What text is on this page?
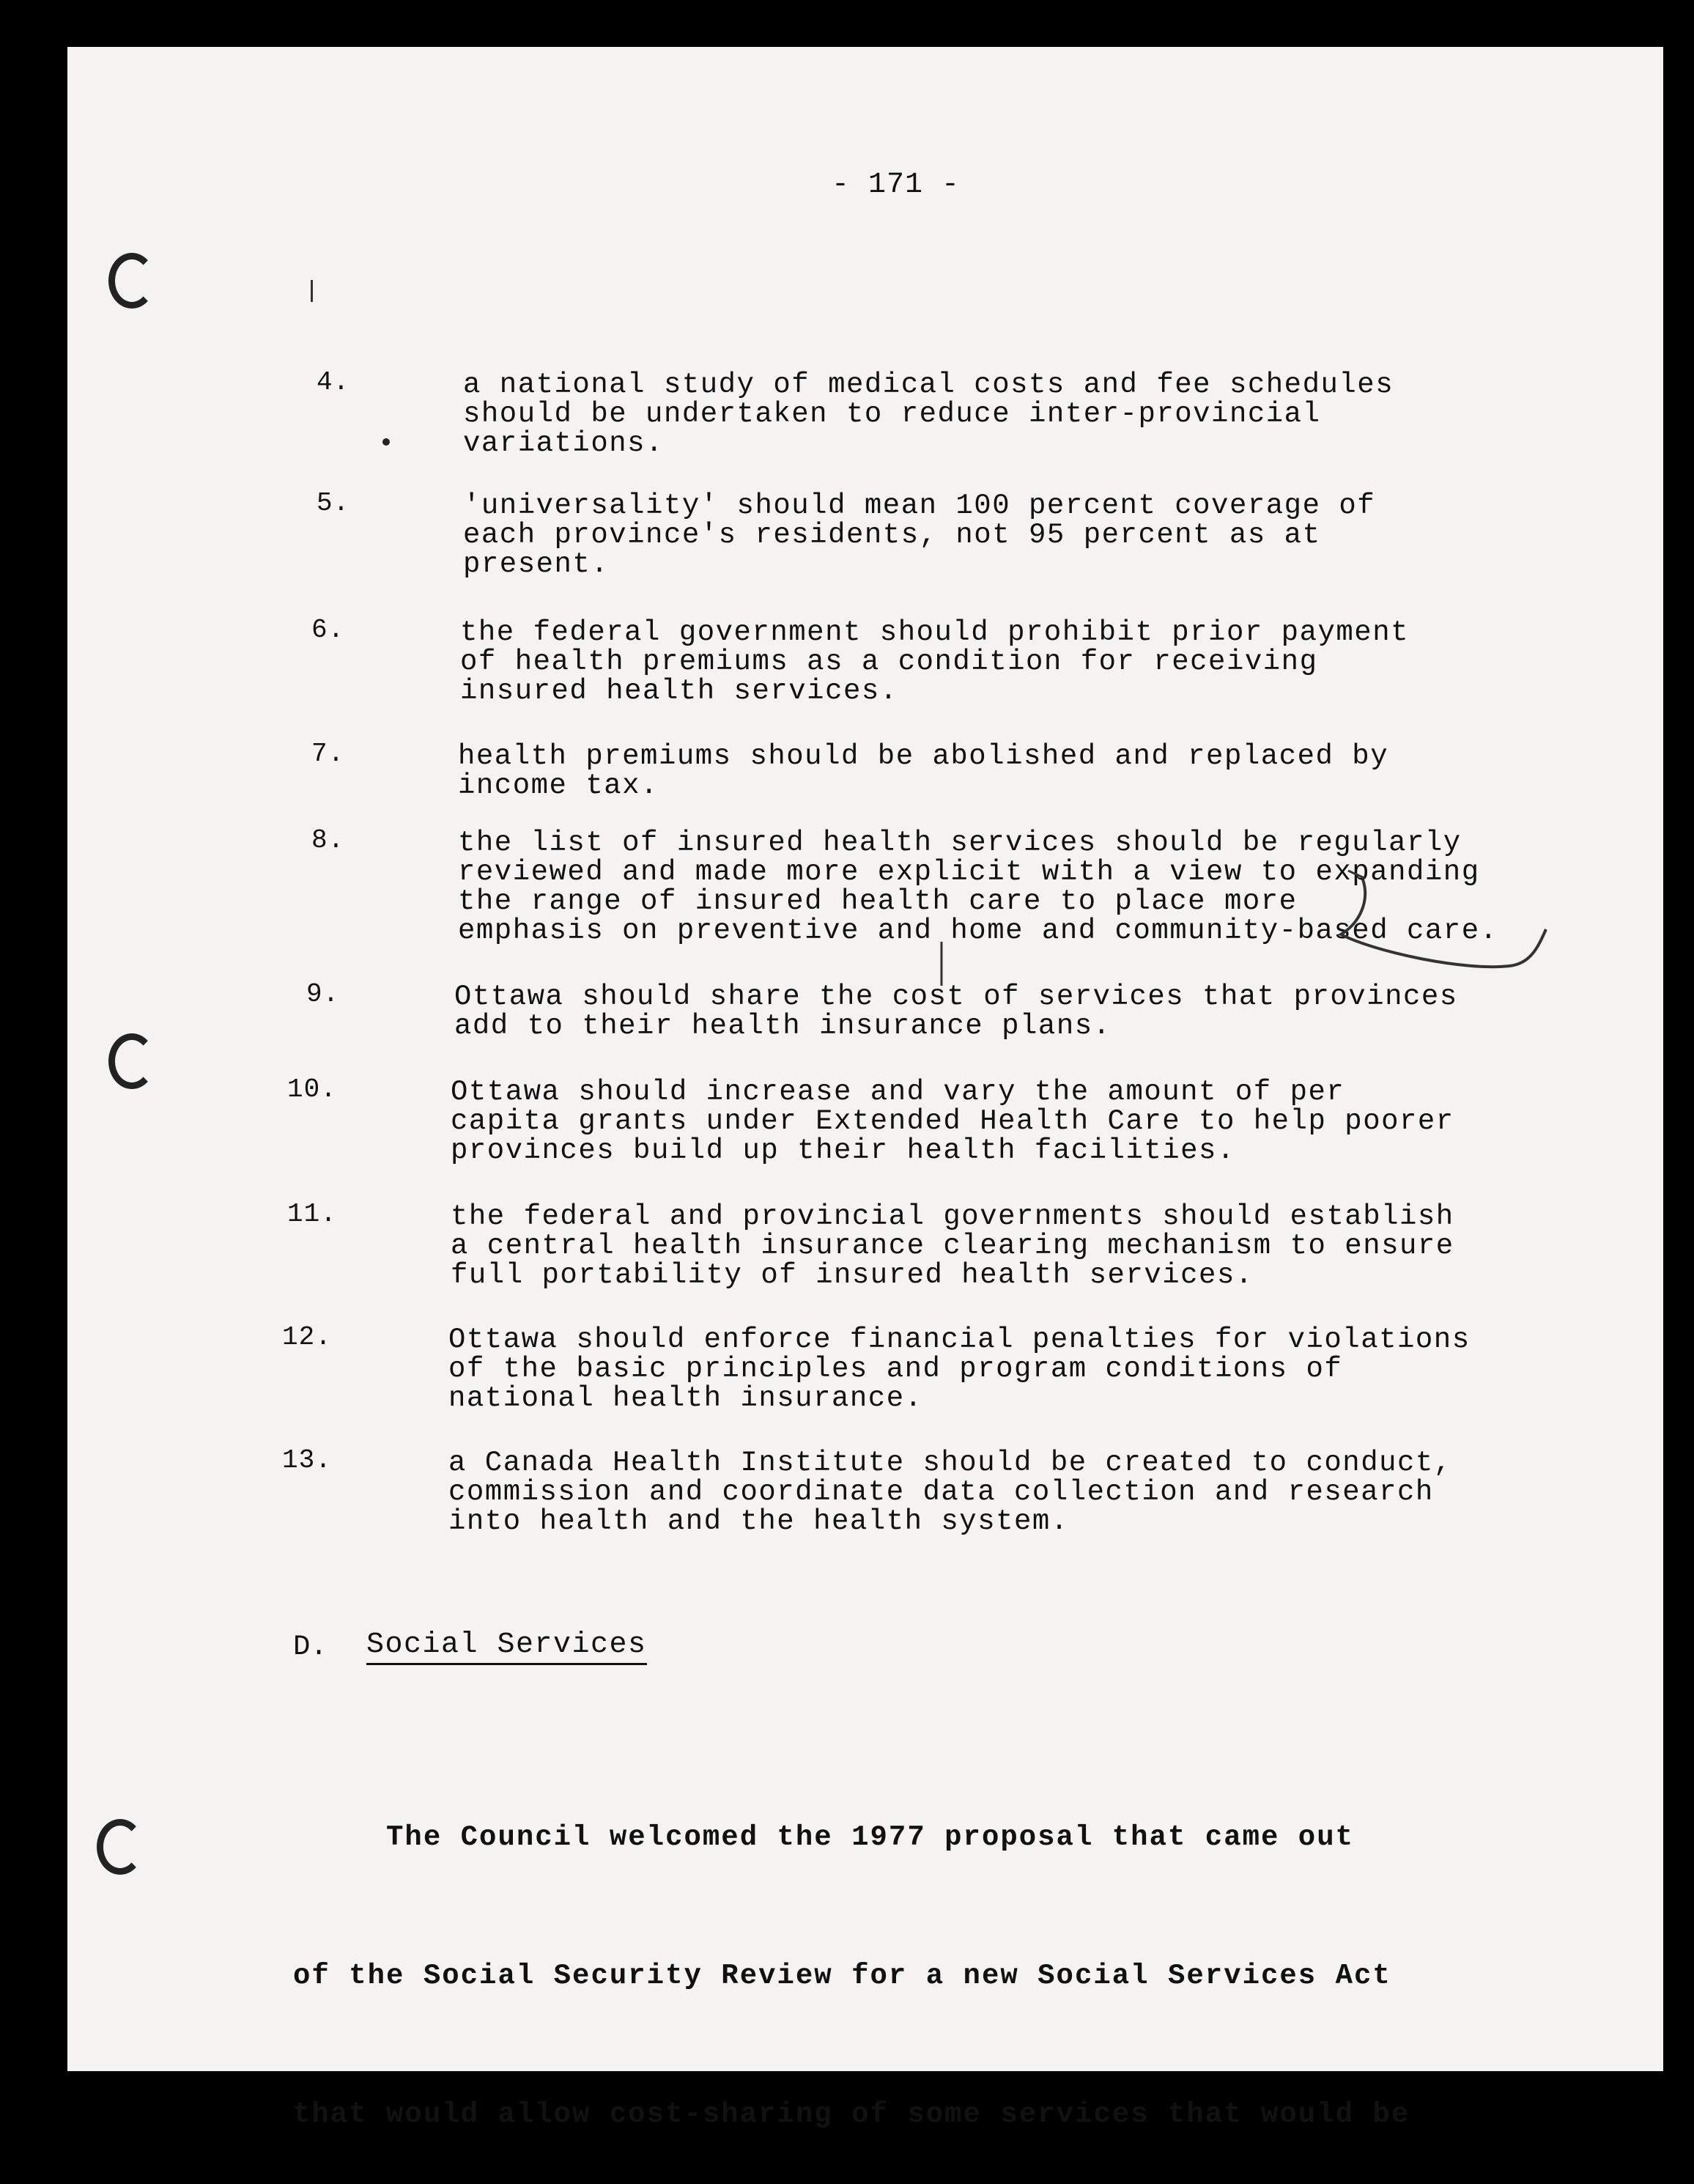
- 171 -
4.	a national study of medical costs and fee schedules
should be undertaken to reduce inter-provincial
variations.
5.	'universality' should mean 100 percent coverage of
each province's residents, not 95 percent as at
present.
6.	the federal government should prohibit prior payment
of health premiums as a condition for receiving
insured health services.
7.	health premiums should be abolished and replaced by
income tax.
8.	the list of insured health services should be regularly
reviewed and made more explicit with a view to expanding
the range of insured health care to place more
emphasis on preventive and home and community-based care.
9.	Ottawa should share the cost of services that provinces
add to their health insurance plans.
10.	Ottawa should increase and vary the amount of per
capita grants under Extended Health Care to help poorer
provinces build up their health facilities.
11.	the federal and provincial governments should establish
a central health insurance clearing mechanism to ensure
full portability of insured health services.
12.	Ottawa should enforce financial penalties for violations
of the basic principles and program conditions of
national health insurance.
13.	a Canada Health Institute should be created to conduct,
commission and coordinate data collection and research
into health and the health system.
D. Social Services

The Council welcomed the 1977 proposal that came out

of the Social Security Review for a new Social Services Act

that would allow cost-sharing of some services that would be
